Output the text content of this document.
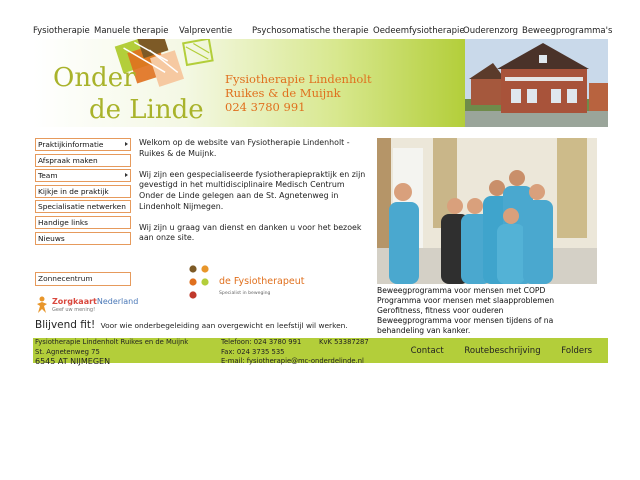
Fysiotherapie Manuele therapie Valpreventie Psychosomatische therapie Oedeemfysiotherapie
Ouderenzorg Beweegprogramma's
Onder
de Linde
Fysiotherapie Lindenholt
Ruikes & de Muijnk
024 3780 991
Praktijkinformatie
Afspraak maken
Team
Kijkje in de praktijk
Specialisatie netwerken
Handige links
Nieuws
Zonnecentrum
ZorgkaartNederland
Geef uw mening!

Welkom op de website van Fysiotherapie Lindenholt - Ruikes & de Muijnk.

Wij zijn een gespecialiseerde fysiotherapiepraktijk en zijn gevestigd in het multidisciplinaire Medisch Centrum Onder de Linde gelegen aan de St. Agnetenweg in Lindenholt Nijmegen.

Wij zijn u graag van dienst en danken u voor het bezoek aan onze site.

de Fysiotherapeut
Specialist in beweging	Beweegprogramma voor mensen met COPD
Programma voor mensen met slaapproblemen
Gerofitness, fitness voor ouderen
Beweegprogramma voor mensen tijdens of na behandeling van kanker.
Blijvend fit! Voor wie onderbegeleiding aan overgewicht en leefstijl wil werken.
Fysiotherapie Lindenholt Ruikes en de Muijnk
St. Agnetenweg 75
6545 AT NIJMEGEN
Telefoon: 024 3780 991
Fax: 024 3735 535
E-mail: fysiotherapie@mc-onderdelinde.nl
KvK 53387287
Contact Routebeschrijving Folders
